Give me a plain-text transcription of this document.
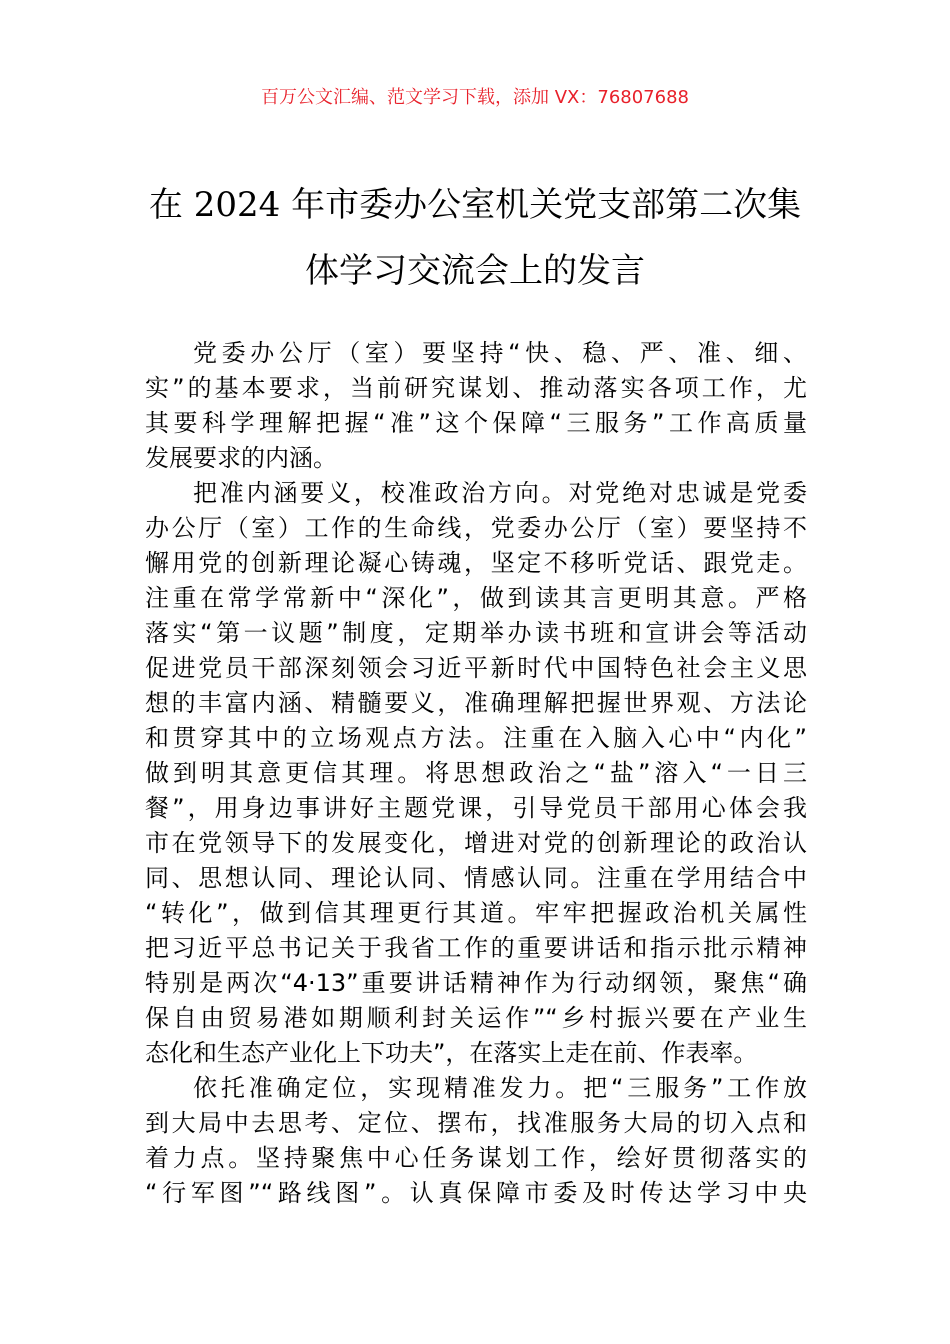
百万公文汇编、范文学习下载，添加 VX：76807688
在 2024 年市委办公室机关党支部第二次集
体学习交流会上的发言
党委办公厅（室）要坚持“快、稳、严、准、细、
实”的基本要求，当前研究谋划、推动落实各项工作，尤
其要科学理解把握“准”这个保障“三服务”工作高质量
发展要求的内涵。
把准内涵要义，校准政治方向。对党绝对忠诚是党委
办公厅（室）工作的生命线，党委办公厅（室）要坚持不
懈用党的创新理论凝心铸魂，坚定不移听党话、跟党走。
注重在常学常新中“深化”，做到读其言更明其意。严格
落实“第一议题”制度，定期举办读书班和宣讲会等活动
促进党员干部深刻领会习近平新时代中国特色社会主义思
想的丰富内涵、精髓要义，准确理解把握世界观、方法论
和贯穿其中的立场观点方法。注重在入脑入心中“内化”
做到明其意更信其理。将思想政治之“盐”溶入“一日三
餐”，用身边事讲好主题党课，引导党员干部用心体会我
市在党领导下的发展变化，增进对党的创新理论的政治认
同、思想认同、理论认同、情感认同。注重在学用结合中
“转化”，做到信其理更行其道。牢牢把握政治机关属性
把习近平总书记关于我省工作的重要讲话和指示批示精神
特别是两次“4·13”重要讲话精神作为行动纲领，聚焦“确
保自由贸易港如期顺利封关运作”“乡村振兴要在产业生
态化和生态产业化上下功夫”，在落实上走在前、作表率。
依托准确定位，实现精准发力。把“三服务”工作放
到大局中去思考、定位、摆布，找准服务大局的切入点和
着力点。坚持聚焦中心任务谋划工作，绘好贯彻落实的
“行军图”“路线图”。认真保障市委及时传达学习中央
